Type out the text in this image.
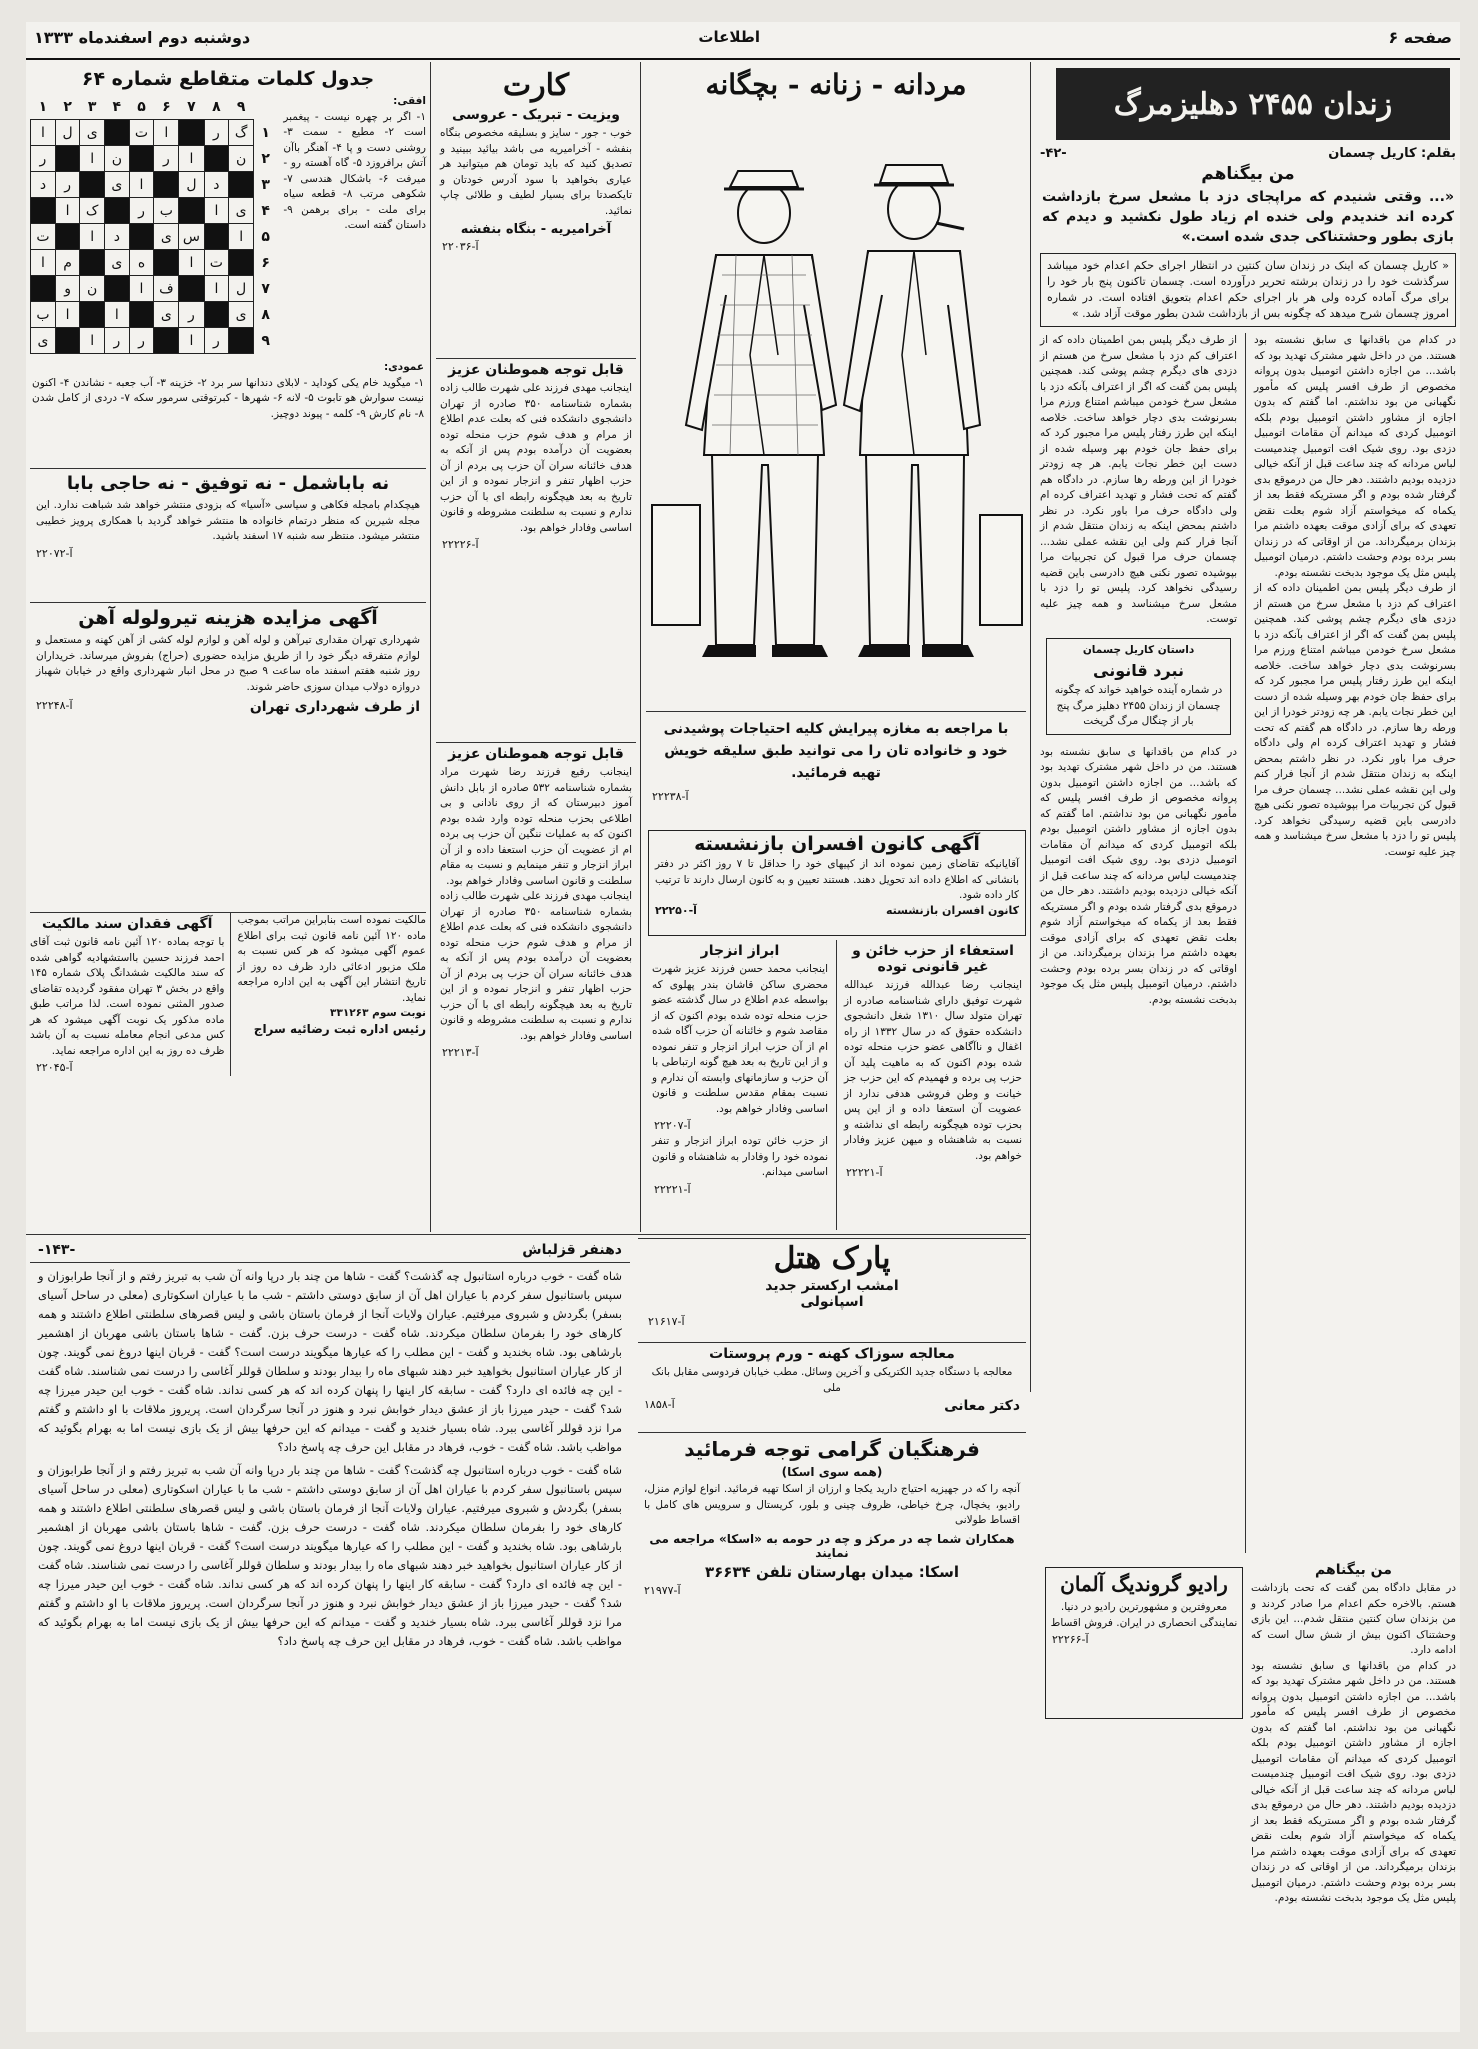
صفحه ۶
اطلاعات
دوشنبه دوم اسفندماه ۱۳۳۳
زندان ۲۴۵۵ دهلیزمرگ
بقلم: کاریل چسمان
-۴۲-

من بیگناهم

«... وقتی شنیدم که مراپجای دزد با مشعل سرخ بازداشت کرده اند خندیدم ولی خنده ام زیاد طول نکشید و دیدم که بازی بطور وحشتناکی جدی شده است.»

« کاریل چسمان که اینک در زندان سان کنتین در انتظار اجرای حکم اعدام خود میباشد سرگذشت خود را در زندان برشته تحریر درآورده است. چسمان تاکنون پنج بار خود را برای مرگ آماده کرده ولی هر بار اجرای حکم اعدام بتعویق افتاده است. در شماره امروز چسمان شرح میدهد که چگونه بس از بازداشت شدن بطور موقت آزاد شد. »

در کدام من باقدانها ی سابق نشسته بود هستند. من در داخل شهر مشترک تهدید بود که باشد... من اجازه داشتن اتومبیل بدون پروانه مخصوص از طرف افسر پلیس که مأمور نگهبانی من بود نداشتم. اما گفتم که بدون اجازه از مشاور داشتن اتومبیل بودم بلکه اتومبیل کردی که میدانم آن مقامات اتومبیل دزدی بود. روی شیک افت اتومبیل چندمیست لباس مردانه که چند ساعت قبل از آنکه خیالی دزدیده بودیم داشتند. دهر حال من درموقع بدی گرفتار شده بودم و اگر مستریکه فقط بعد از یکماه که میخواستم آزاد شوم بعلت نقض تعهدی که برای آزادی موقت بعهده داشتم مرا بزندان برمیگرداند. من از اوقاتی که در زندان بسر برده بودم وحشت داشتم. درمیان اتومبیل پلیس مثل یک موجود بدبخت نشسته بودم.

از طرف دیگر پلیس بمن اطمینان داده که از اعتراف کم دزد با مشعل سرخ من هستم از دزدی های دیگرم چشم پوشی کند. همچنین پلیس بمن گفت که اگر از اعتراف بآنکه دزد با مشعل سرخ خودمن میباشم امتناع ورزم مرا بسرنوشت بدی دچار خواهد ساخت. خلاصه اینکه این طرز رفتار پلیس مرا مجبور کرد که برای حفظ جان خودم بهر وسیله شده از دست این خطر نجات یابم. هر چه زودتر خودرا از این ورطه رها سازم. در دادگاه هم گفتم که تحت فشار و تهدید اعتراف کرده ام ولی دادگاه حرف مرا باور نکرد. در نظر داشتم بمحض اینکه به زندان منتقل شدم از آنجا فرار کنم ولی این نقشه عملی نشد... چسمان حرف مرا قبول کن تجربیات مرا بپوشیده تصور نکنی هیچ دادرسی باین قضیه رسیدگی نخواهد کرد. پلیس تو را دزد با مشعل سرخ میشناسد و همه چیز علیه توست.

از طرف دیگر پلیس بمن اطمینان داده که از اعتراف کم دزد با مشعل سرخ من هستم از دزدی های دیگرم چشم پوشی کند. همچنین پلیس بمن گفت که اگر از اعتراف بآنکه دزد با مشعل سرخ خودمن میباشم امتناع ورزم مرا بسرنوشت بدی دچار خواهد ساخت. خلاصه اینکه این طرز رفتار پلیس مرا مجبور کرد که برای حفظ جان خودم بهر وسیله شده از دست این خطر نجات یابم. هر چه زودتر خودرا از این ورطه رها سازم. در دادگاه هم گفتم که تحت فشار و تهدید اعتراف کرده ام ولی دادگاه حرف مرا باور نکرد. در نظر داشتم بمحض اینکه به زندان منتقل شدم از آنجا فرار کنم ولی این نقشه عملی نشد... چسمان حرف مرا قبول کن تجربیات مرا بپوشیده تصور نکنی هیچ دادرسی باین قضیه رسیدگی نخواهد کرد. پلیس تو را دزد با مشعل سرخ میشناسد و همه چیز علیه توست.

داستان کاریل چسمان

نبرد قانونی

در شماره آینده خواهید خواند که چگونه چسمان از زندان ۲۴۵۵ دهلیز مرگ پنج بار از چنگال مرگ گریخت

در کدام من باقدانها ی سابق نشسته بود هستند. من در داخل شهر مشترک تهدید بود که باشد... من اجازه داشتن اتومبیل بدون پروانه مخصوص از طرف افسر پلیس که مأمور نگهبانی من بود نداشتم. اما گفتم که بدون اجازه از مشاور داشتن اتومبیل بودم بلکه اتومبیل کردی که میدانم آن مقامات اتومبیل دزدی بود. روی شیک افت اتومبیل چندمیست لباس مردانه که چند ساعت قبل از آنکه خیالی دزدیده بودیم داشتند. دهر حال من درموقع بدی گرفتار شده بودم و اگر مستریکه فقط بعد از یکماه که میخواستم آزاد شوم بعلت نقض تعهدی که برای آزادی موقت بعهده داشتم مرا بزندان برمیگرداند. من از اوقاتی که در زندان بسر برده بودم وحشت داشتم. درمیان اتومبیل پلیس مثل یک موجود بدبخت نشسته بودم.

من بیگناهم

در مقابل دادگاه بمن گفت که تحت بازداشت هستم. بالاخره حکم اعدام مرا صادر کردند و من بزندان سان کنتین منتقل شدم... این بازی وحشتناک اکنون بیش از شش سال است که ادامه دارد.

در کدام من باقدانها ی سابق نشسته بود هستند. من در داخل شهر مشترک تهدید بود که باشد... من اجازه داشتن اتومبیل بدون پروانه مخصوص از طرف افسر پلیس که مأمور نگهبانی من بود نداشتم. اما گفتم که بدون اجازه از مشاور داشتن اتومبیل بودم بلکه اتومبیل کردی که میدانم آن مقامات اتومبیل دزدی بود. روی شیک افت اتومبیل چندمیست لباس مردانه که چند ساعت قبل از آنکه خیالی دزدیده بودیم داشتند. دهر حال من درموقع بدی گرفتار شده بودم و اگر مستریکه فقط بعد از یکماه که میخواستم آزاد شوم بعلت نقض تعهدی که برای آزادی موقت بعهده داشتم مرا بزندان برمیگرداند. من از اوقاتی که در زندان بسر برده بودم وحشت داشتم. درمیان اتومبیل پلیس مثل یک موجود بدبخت نشسته بودم.

رادیو گروندیگ آلمان

معروفترین و مشهورترین رادیو در دنیا. نمایندگی انحصاری در ایران. فروش اقساط

آ-۲۲۲۶۶

مردانه - زنانه - بچگانه

با مراجعه به مغازه پیرایش کلیه احتیاجات پوشیدنی خود و خانواده تان را می توانید طبق سلیقه خویش تهیه فرمائید.

آ-۲۲۲۳۸

آگهی کانون افسران بازنشسته

آقایانیکه تقاضای زمین نموده اند از کپیهای خود را حداقل تا ۷ روز اکثر در دفتر بانشانی که اطلاع داده اند تحویل دهند. هستند تعیین و به کانون ارسال دارند تا ترتیب کار داده شود.

کانون افسران بازنشسته
آ-۲۲۲۵۰

استعفاء از حزب خائن و غیر قانونی توده

اینجانب رضا عبدالله فرزند عبدالله شهرت توفیق دارای شناسنامه صادره از تهران متولد سال ۱۳۱۰ شغل دانشجوی دانشکده حقوق که در سال ۱۳۳۲ از راه اغفال و ناآگاهی عضو حزب منحله توده شده بودم اکنون که به ماهیت پلید آن حزب پی برده و فهمیدم که این حزب جز خیانت و وطن فروشی هدفی ندارد از عضویت آن استعفا داده و از این پس بحزب توده هیچگونه رابطه ای نداشته و نسبت به شاهنشاه و میهن عزیز وفادار خواهم بود.

آ-۲۲۲۲۱

ابراز انزجار

اینجانب محمد حسن فرزند عزیز شهرت محضری ساکن قاشان بندر پهلوی که بواسطه عدم اطلاع در سال گذشته عضو حزب منحله توده شده بودم اکنون که از مقاصد شوم و خائنانه آن حزب آگاه شده ام از آن حزب ابراز انزجار و تنفر نموده و از این تاریخ به بعد هیچ گونه ارتباطی با آن حزب و سازمانهای وابسته آن ندارم و نسبت بمقام مقدس سلطنت و قانون اساسی وفادار خواهم بود.

آ-۲۲۲۰۷

از حزب خائن توده ابراز انزجار و تنفر نموده خود را وفادار به شاهنشاه و قانون اساسی میدانم.

آ-۲۲۲۲۱

کارت

ویزیت - تبریک - عروسی

خوب - جور - سایز و بسلیقه مخصوص بنگاه بنفشه - آخرامیریه می باشد بیائید ببینید و تصدیق کنید که باید تومان هم میتوانید هر عیاری بخواهید با سود آدرس خودتان و تایکصدتا برای بسیار لطیف و طلائی چاپ نمائید.

آخرامیریه - بنگاه بنفشه

آ-۲۲۰۳۶

قابل توجه هموطنان عزیز

اینجانب مهدی فرزند علی شهرت طالب زاده بشماره شناسنامه ۳۵۰ صادره از تهران دانشجوی دانشکده فنی که بعلت عدم اطلاع از مرام و هدف شوم حزب منحله توده بعضویت آن درآمده بودم پس از آنکه به هدف خائنانه سران آن حزب پی بردم از آن حزب اظهار تنفر و انزجار نموده و از این تاریخ به بعد هیچگونه رابطه ای با آن حزب ندارم و نسبت به سلطنت مشروطه و قانون اساسی وفادار خواهم بود.

آ-۲۲۲۲۶

قابل توجه هموطنان عزیز

اینجانب رفیع فرزند رضا شهرت مراد بشماره شناسنامه ۵۳۲ صادره از بابل دانش آموز دبیرستان که از روی نادانی و بی اطلاعی بحزب منحله توده وارد شده بودم اکنون که به عملیات ننگین آن حزب پی برده ام از عضویت آن حزب استعفا داده و از آن ابراز انزجار و تنفر مینمایم و نسبت به مقام سلطنت و قانون اساسی وفادار خواهم بود.

اینجانب مهدی فرزند علی شهرت طالب زاده بشماره شناسنامه ۳۵۰ صادره از تهران دانشجوی دانشکده فنی که بعلت عدم اطلاع از مرام و هدف شوم حزب منحله توده بعضویت آن درآمده بودم پس از آنکه به هدف خائنانه سران آن حزب پی بردم از آن حزب اظهار تنفر و انزجار نموده و از این تاریخ به بعد هیچگونه رابطه ای با آن حزب ندارم و نسبت به سلطنت مشروطه و قانون اساسی وفادار خواهم بود.

آ-۲۲۲۱۳

جدول کلمات متقاطع شماره ۶۴

افقی:

۱- اگر بر چهره نیست - پیغمبر است ۲- مطیع - سمت ۳- روشنی دست و پا ۴- آهنگر باآن آتش برافروزد ۵- گاه آهسته رو - میرفت ۶- باشکال هندسی ۷- شکوهی مرتب ۸- قطعه سیاه برای ملت - برای برهمن ۹- داستان گفته است.

	۹	۸	۷	۶	۵	۴	۳	۲	۱
۱	گ	ر		ا	ت		ی	ل	ا
۲	ن		ا	ر		ن	ا		ر
۳		د	ل		ا	ی		ر	د
۴	ی	ا		ب	ر		ک	ا	
۵	ا		س	ی		د	ا		ت
۶		ت	ا		ه	ی		م	ا
۷	ل	ا		ف	ا		ن	و	
۸	ی		ر	ی		ا		ا	ب
۹		ر	ا		ر	ر	ا		ی

عمودی:

۱- میگوید خام یکی کوداید - لابلای دندانها سر برد ۲- خزینه ۳- آب جعبه - نشاندن ۴- اکنون نیست سوارش هو تابوت ۵- لانه ۶- شهرها - کبرتوقتی سرمور سکه ۷- دردی از کامل شدن ۸- نام کارش ۹- کلمه - پیوند دوچیز.

نه باباشمل - نه توفیق - نه حاجی بابا

هیچکدام بامجله فکاهی و سیاسی «آسیا» که بزودی منتشر خواهد شد شباهت ندارد. این مجله شیرین که منظر درتمام خانواده ها منتشر خواهد گردید با همکاری پرویز خطیبی منتشر میشود. منتظر سه شنبه ۱۷ اسفند باشید.

آ-۲۲۰۷۲

آگهی مزایده هزینه تیرولوله آهن

شهرداری تهران مقداری تیرآهن و لوله آهن و لوازم لوله کشی از آهن کهنه و مستعمل و لوازم متفرقه دیگر خود را از طریق مزایده حضوری (حراج) بفروش میرساند. خریداران روز شنبه هفتم اسفند ماه ساعت ۹ صبح در محل انبار شهرداری واقع در خیابان شهباز دروازه دولاب میدان سوزی حاضر شوند.

از طرف شهرداری تهران
آ-۲۲۲۴۸

مالکیت نموده است بنابراین مراتب بموجب ماده ۱۲۰ آئین نامه قانون ثبت برای اطلاع عموم آگهی میشود که هر کس نسبت به ملک مزبور ادعائی دارد ظرف ده روز از تاریخ انتشار این آگهی به این اداره مراجعه نماید.

نوبت سوم ۳۳۱۲۶۳

رئیس اداره ثبت رضائیه سراج

آگهی فقدان سند مالکیت

با توجه بماده ۱۲۰ آئین نامه قانون ثبت آقای احمد فرزند حسین بااستشهادیه گواهی شده که سند مالکیت ششدانگ پلاک شماره ۱۴۵ واقع در بخش ۳ تهران مفقود گردیده تقاضای صدور المثنی نموده است. لذا مراتب طبق ماده مذکور یک نوبت آگهی میشود که هر کس مدعی انجام معامله نسبت به آن باشد ظرف ده روز به این اداره مراجعه نماید.

آ-۲۲۰۴۵

دهنفر قزلباش
-۱۴۳-

شاه گفت - خوب درباره استانبول چه گذشت؟ گفت - شاها من چند بار درپا وانه آن شب به تبریز رفتم و از آنجا طرابوزان و سپس باستانبول سفر کردم با عیاران اهل آن از سابق دوستی داشتم - شب ما با عیاران اسکوتاری (معلی در ساحل آسیای بسفر) بگردش و شبروی میرفتیم. عیاران ولایات آنجا از فرمان باستان باشی و لیس قصرهای سلطنتی اطلاع داشتند و همه کارهای خود را بفرمان سلطان میکردند. شاه گفت - درست حرف بزن. گفت - شاها باستان باشی مهربان از اهشمیر بارشاهی بود. شاه بخندید و گفت - این مطلب را که عیارها میگویند درست است؟ گفت - قربان اینها دروغ نمی گویند. چون از کار عیاران استانبول بخواهید خبر دهند شبهای ماه را بیدار بودند و سلطان قوللر آغاسی را درست نمی شناسند. شاه گفت - این چه فائده ای دارد؟ گفت - سابقه کار اینها را پنهان کرده اند که هر کسی نداند. شاه گفت - خوب این حیدر میرزا چه شد؟ گفت - حیدر میرزا باز از عشق دیدار خوابش نبرد و هنوز در آنجا سرگردان است. پریروز ملاقات با او داشتم و گفتم مرا نزد قوللر آغاسی ببرد. شاه بسیار خندید و گفت - میدانم که این حرفها بیش از یک بازی نیست اما به بهرام بگوئید که مواظب باشد. شاه گفت - خوب، فرهاد در مقابل این حرف چه پاسخ داد؟

شاه گفت - خوب درباره استانبول چه گذشت؟ گفت - شاها من چند بار درپا وانه آن شب به تبریز رفتم و از آنجا طرابوزان و سپس باستانبول سفر کردم با عیاران اهل آن از سابق دوستی داشتم - شب ما با عیاران اسکوتاری (معلی در ساحل آسیای بسفر) بگردش و شبروی میرفتیم. عیاران ولایات آنجا از فرمان باستان باشی و لیس قصرهای سلطنتی اطلاع داشتند و همه کارهای خود را بفرمان سلطان میکردند. شاه گفت - درست حرف بزن. گفت - شاها باستان باشی مهربان از اهشمیر بارشاهی بود. شاه بخندید و گفت - این مطلب را که عیارها میگویند درست است؟ گفت - قربان اینها دروغ نمی گویند. چون از کار عیاران استانبول بخواهید خبر دهند شبهای ماه را بیدار بودند و سلطان قوللر آغاسی را درست نمی شناسند. شاه گفت - این چه فائده ای دارد؟ گفت - سابقه کار اینها را پنهان کرده اند که هر کسی نداند. شاه گفت - خوب این حیدر میرزا چه شد؟ گفت - حیدر میرزا باز از عشق دیدار خوابش نبرد و هنوز در آنجا سرگردان است. پریروز ملاقات با او داشتم و گفتم مرا نزد قوللر آغاسی ببرد. شاه بسیار خندید و گفت - میدانم که این حرفها بیش از یک بازی نیست اما به بهرام بگوئید که مواظب باشد. شاه گفت - خوب، فرهاد در مقابل این حرف چه پاسخ داد؟

پارک هتل

امشب ارکستر جدید

اسپانولی

آ-۲۱۶۱۷

معالجه سوزاک کهنه - ورم پروستات

معالجه با دستگاه جدید الکتریکی و آخرین وسائل. مطب خیابان فردوسی مقابل بانک ملی

دکتر معانی
آ-۱۸۵۸

فرهنگیان گرامی توجه فرمائید

(همه سوی اسکا)

آنچه را که در جهیزیه احتیاج دارید یکجا و ارزان از اسکا تهیه فرمائید. انواع لوازم منزل، رادیو، یخچال، چرخ خیاطی، ظروف چینی و بلور، کریستال و سرویس های کامل با اقساط طولانی

همکاران شما چه در مرکز و چه در حومه به «اسکا» مراجعه می نمایند

اسکا: میدان بهارستان تلفن ۳۶۶۳۴

آ-۲۱۹۷۷
